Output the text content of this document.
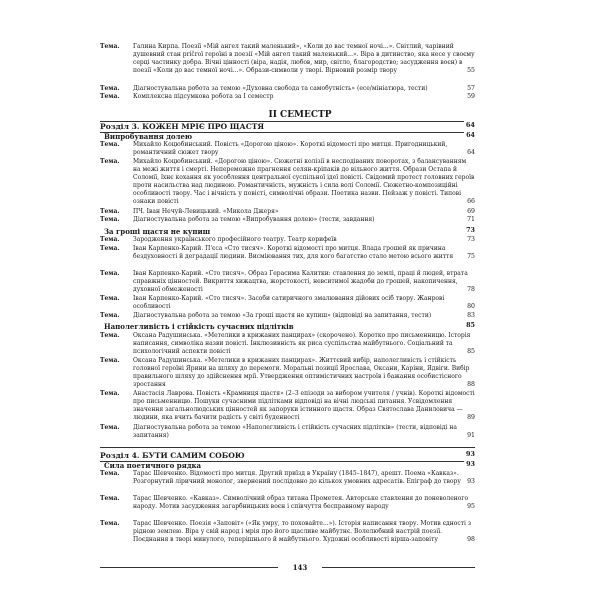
Тема.	Галина Кирпа. Поезії «Мій ангел такий маленький», «Коли до вас темної ночі...». Світлий, чарівний душевний стан príčrої героїні в поезії «Мій ангел такий маленький...». Віра в дитинство, яка несе у своєму серці частинку добра. Вічні цінності (віра, надія, любов, мир, світло, благородство; засудження воєн) в поезії «Коли до вас темної ночі...». Образи-символи у творі. Вірновий розмір твору	55
Тема.	Діагностувальна робота за темою «Духовна свобода та самобутність» (есе/мініатюра, тести)	57
Тема.	Комплексна підсумкова робота за І семестр	59
ІІ СЕМЕСТР
Розділ 3. КОЖЕН МРІЄ ПРО ЩАСТЯ	64
Випробування долею	64
Тема.	Михайло Коцюбинський. Повість «Дорогою ціною». Короткі відомості про митця. Пригодницький, романтичний сюжет твору	64
Тема.	Михайло Коцюбинський. «Дорогою ціною». Сюжетні колізії в несподіваних поворотах, з балансуванням на межі життя і смерті. Непереможне прагнення селян-кріпаків до вільного життя. Образи Остапа й Соломії, їхнє кохання як уособлення центральної суспільної ідеї повісті. Свідомий протест головних героїв проти насильства над людиною. Романтичність, мужність і сила волі Соломії. Сюжетно-композиційні особливості твору. Час і вічність у повісті, символічні образи. Поетика назви. Пейзаж у повісті. Типові ознаки повісті	66
Тема.	ПЧ. Іван Нечуй-Левицький. «Микола Джеря»	69
Тема.	Діагностувальна робота за темою «Випробування долею» (тести, завдання)	71
За гроші щастя не купиш	73
Тема.	Зародження українського професійного театру. Театр корифеїв	73
Тема.	Іван Карпенко-Карий. П'єса «Сто тисяч». Короткі відомості про митця. Влада грошей як причина бездуховності й деградації людини. Висміювання тих, для кого багатство стало метою всього життя	75
Тема.	Іван Карпенко-Карий. «Сто тисяч». Образ Герасима Калитки: ставлення до землі, праці й людей, втрата справжніх цінностей. Викриття хижацтва, жорстокості, невситимої жадоби до грошей, накопичення, духовної обмеженості	78
Тема.	Іван Карпенко-Карий. «Сто тисяч». Засоби сатиричного змалювання дійових осіб твору. Жанрові особливості	80
Тема.	Діагностувальна робота за темою «За гроші щастя не купиш» (відповіді на запитання, тести)	83
Наполегливість і стійкість сучасних підлітків	85
Тема.	Оксана Радушинська. «Метелики в крижаних панцирах» (скорочено). Коротко про письменницю. Історія написання, символіка назви повісті. Інклюзивність як риса суспільства майбутнього. Соціальний та психологічний аспекти повісті	85
Тема.	Оксана Радушинська. «Метелики в крижаних панцирах». Життєвий вибір, наполегливість і стійкість головної героїні Ярини на шляху до перемоги. Моральні позиції Ярослава, Оксани, Каріни, Ядвіги. Вибір правильного шляху до здійснення мрії. Утвердження оптимістичних настроїв і бажання особистісного зростання	88
Тема.	Анастасія Лаврова. Повість «Крамниця щастя» (2–3 епізоди за вибором учителя / учнів). Короткі відомості про письменницю. Пошуки сучасними підлітками відповіді на вічні людські питання. Усвідомлення значення загальнолюдських цінностей як запоруки істинного щастя. Образ Святослава Даниловича — людини, яка вчить бачити радість у світі буденності	89
Тема.	Діагностувальна робота за темою «Наполегливість і стійкість сучасних підлітків» (тести, відповіді на запитання)	91
Розділ 4. БУТИ САМИМ СОБОЮ	93
Сила поетичного рядка	93
Тема.	Тарас Шевченко. Відомості про митця. Другий приїзд в Україну (1845–1847), арешт. Поема «Кавказ». Розгорнутий ліричний монолог, звернений послідовно до кількох умовних адресатів. Епіграф до твору	93
Тема.	Тарас Шевченко. «Кавказ». Символічний образ титана Прометея. Авторське ставлення до поневоленого народу. Мотив засудження загарбницьких воєн і співчуття бесправному народу	95
Тема.	Тарас Шевченко. Поезія «Заповіт» («Як умру, то поховайте...»). Історія написання твору. Мотив єдності з рідною землею. Віра у свій народ і мрія про його щасливе майбутнє. Волелюбний настрій поезії. Поєднання в творі минулого, теперішнього й майбутнього. Художні особливості вірша-заповіту	98
143
